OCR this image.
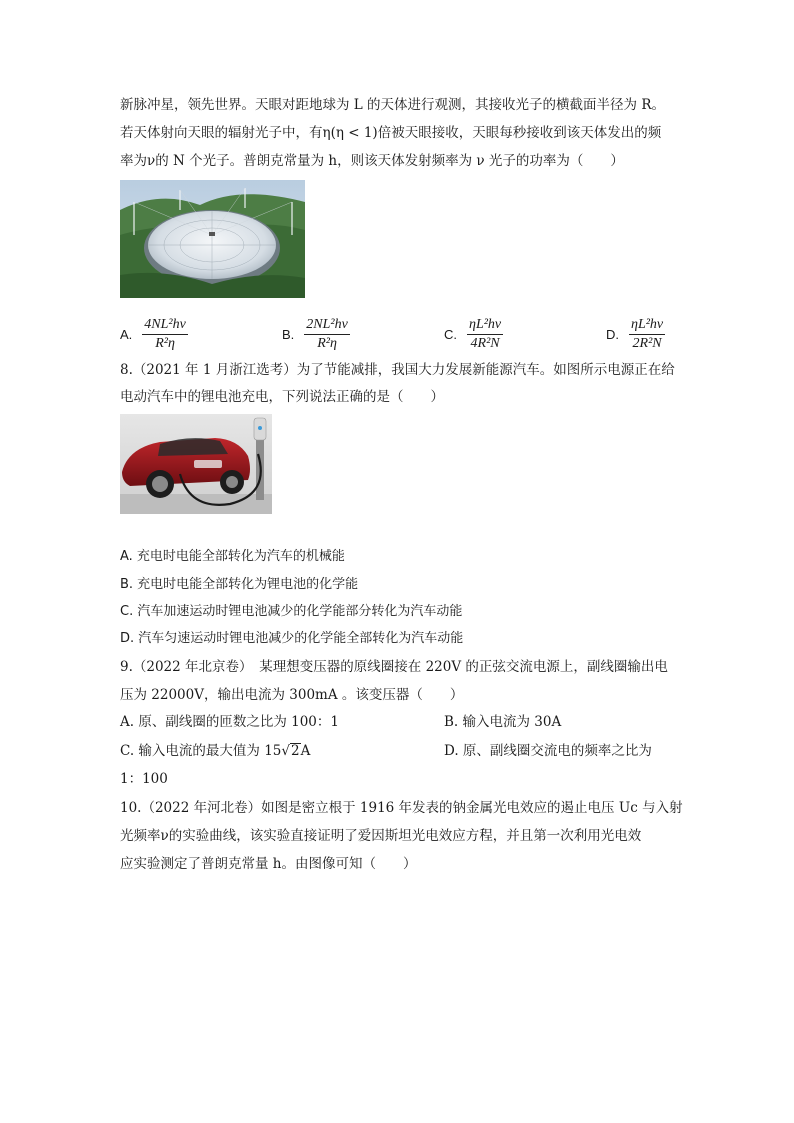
新脉冲星，领先世界。天眼对距地球为 L 的天体进行观测，其接收光子的横截面半径为 R。
若天体射向天眼的辐射光子中，有η(η < 1)倍被天眼接收，天眼每秒接收到该天体发出的频
率为ν的 N 个光子。普朗克常量为 h，则该天体发射频率为 ν 光子的功率为（　　）
A. $\frac{\text{4NL²hν}}{\text{R²η}}$	B. $\frac{\text{2NL²hν}}{\text{R²η}}$	C. $\frac{\text{ηL²hν}}{\text{4R²N}}$	D. $\frac{\text{ηL²hν}}{\text{2R²N}}$
8.（2021 年 1 月浙江选考）为了节能减排，我国大力发展新能源汽车。如图所示电源正在给
电动汽车中的锂电池充电，下列说法正确的是（　　）
A. 充电时电能全部转化为汽车的机械能
B. 充电时电能全部转化为锂电池的化学能
C. 汽车加速运动时锂电池减少的化学能部分转化为汽车动能
D. 汽车匀速运动时锂电池减少的化学能全部转化为汽车动能
9.（2022 年北京卷）　某理想变压器的原线圈接在 220V 的正弦交流电源上，副线圈输出电
压为 22000V，输出电流为 300mA 。该变压器（　　）
A. 原、副线圈的匝数之比为 100：1	B. 输入电流为 30A
C. 输入电流的最大值为 15√2A	D. 原、副线圈交流电的频率之比为
1：100
10.（2022 年河北卷）如图是密立根于 1916 年发表的钠金属光电效应的遏止电压 Uc 与入射
光频率ν的实验曲线，该实验直接证明了爱因斯坦光电效应方程，并且第一次利用光电效
应实验测定了普朗克常量 h。由图像可知（　　）
